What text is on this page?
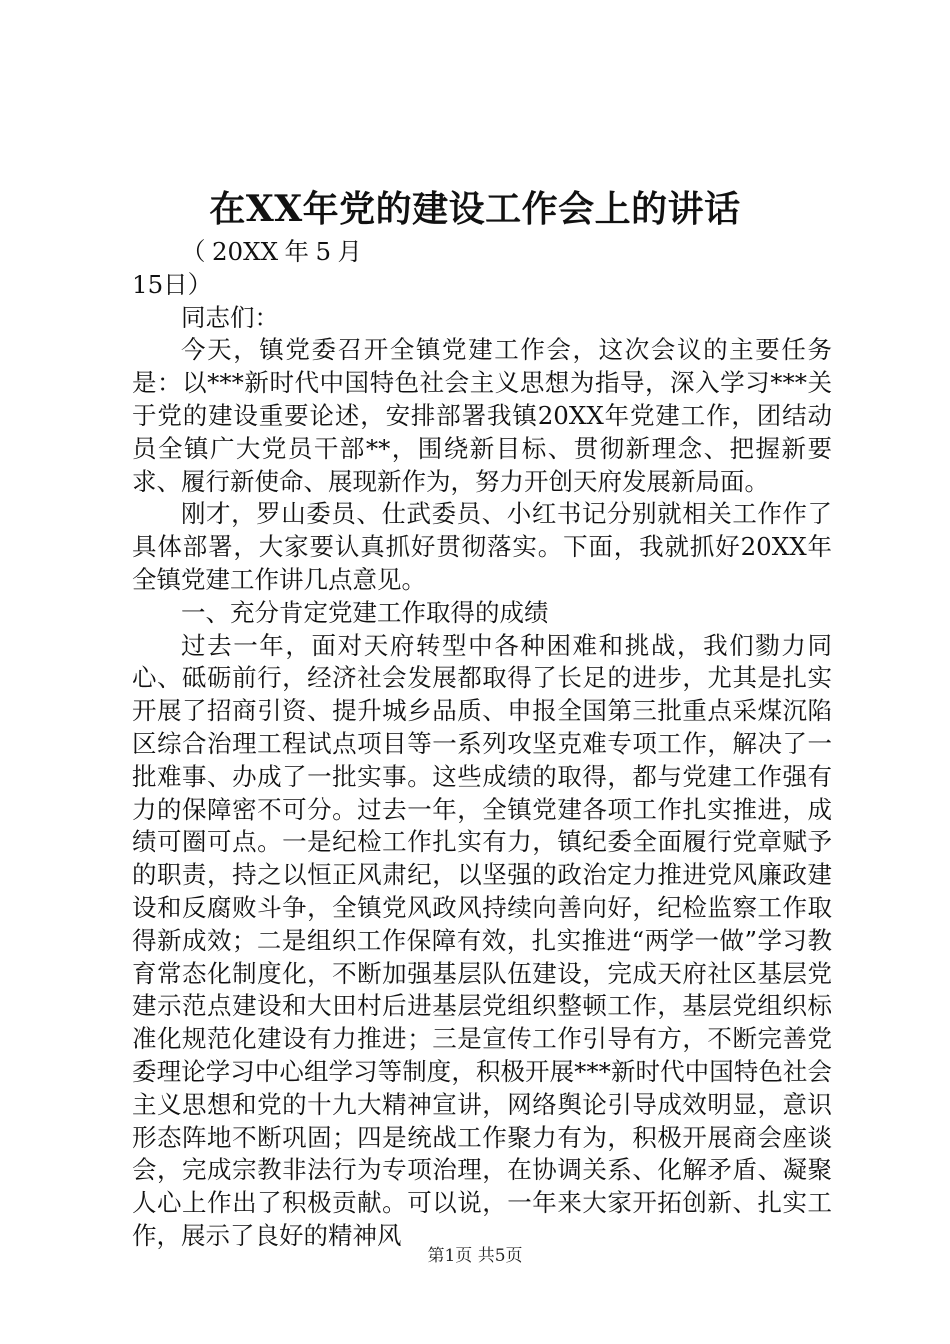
在XX年党的建设工作会上的讲话

（20XX年5月15日）

同志们：

今天，镇党委召开全镇党建工作会，这次会议的主要任务是：以***新时代中国特色社会主义思想为指导，深入学习***关于党的建设重要论述，安排部署我镇20XX年党建工作，团结动员全镇广大党员干部**，围绕新目标、贯彻新理念、把握新要求、履行新使命、展现新作为，努力开创天府发展新局面。

刚才，罗山委员、仕武委员、小红书记分别就相关工作作了具体部署，大家要认真抓好贯彻落实。下面，我就抓好20XX年全镇党建工作讲几点意见。

一、充分肯定党建工作取得的成绩

过去一年，面对天府转型中各种困难和挑战，我们勠力同心、砥砺前行，经济社会发展都取得了长足的进步，尤其是扎实开展了招商引资、提升城乡品质、申报全国第三批重点采煤沉陷区综合治理工程试点项目等一系列攻坚克难专项工作，解决了一批难事、办成了一批实事。这些成绩的取得，都与党建工作强有力的保障密不可分。过去一年，全镇党建各项工作扎实推进，成绩可圈可点。一是纪检工作扎实有力，镇纪委全面履行党章赋予的职责，持之以恒正风肃纪，以坚强的政治定力推进党风廉政建设和反腐败斗争，全镇党风政风持续向善向好，纪检监察工作取得新成效；二是组织工作保障有效，扎实推进“两学一做”学习教育常态化制度化，不断加强基层队伍建设，完成天府社区基层党建示范点建设和大田村后进基层党组织整顿工作，基层党组织标准化规范化建设有力推进；三是宣传工作引导有方，不断完善党委理论学习中心组学习等制度，积极开展***新时代中国特色社会主义思想和党的十九大精神宣讲，网络舆论引导成效明显，意识形态阵地不断巩固；四是统战工作聚力有为，积极开展商会座谈会，完成宗教非法行为专项治理，在协调关系、化解矛盾、凝聚人心上作出了积极贡献。可以说，一年来大家开拓创新、扎实工作，展示了良好的精神风

第1页 共5页
